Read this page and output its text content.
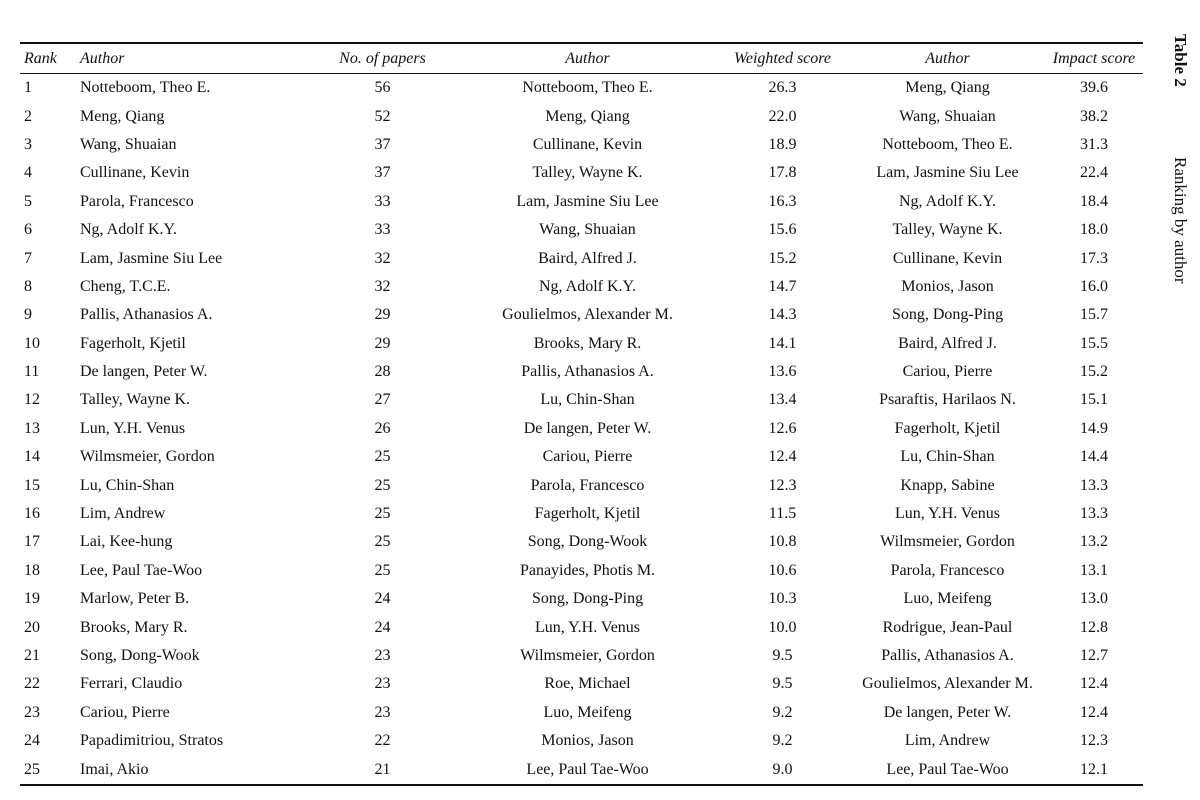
Rank	Author	No. of papers	Author	Weighted score	Author	Impact score
1	Notteboom, Theo E.	56	Notteboom, Theo E.	26.3	Meng, Qiang	39.6
2	Meng, Qiang	52	Meng, Qiang	22.0	Wang, Shuaian	38.2
3	Wang, Shuaian	37	Cullinane, Kevin	18.9	Notteboom, Theo E.	31.3
4	Cullinane, Kevin	37	Talley, Wayne K.	17.8	Lam, Jasmine Siu Lee	22.4
5	Parola, Francesco	33	Lam, Jasmine Siu Lee	16.3	Ng, Adolf K.Y.	18.4
6	Ng, Adolf K.Y.	33	Wang, Shuaian	15.6	Talley, Wayne K.	18.0
7	Lam, Jasmine Siu Lee	32	Baird, Alfred J.	15.2	Cullinane, Kevin	17.3
8	Cheng, T.C.E.	32	Ng, Adolf K.Y.	14.7	Monios, Jason	16.0
9	Pallis, Athanasios A.	29	Goulielmos, Alexander M.	14.3	Song, Dong-Ping	15.7
10	Fagerholt, Kjetil	29	Brooks, Mary R.	14.1	Baird, Alfred J.	15.5
11	De langen, Peter W.	28	Pallis, Athanasios A.	13.6	Cariou, Pierre	15.2
12	Talley, Wayne K.	27	Lu, Chin-Shan	13.4	Psaraftis, Harilaos N.	15.1
13	Lun, Y.H. Venus	26	De langen, Peter W.	12.6	Fagerholt, Kjetil	14.9
14	Wilmsmeier, Gordon	25	Cariou, Pierre	12.4	Lu, Chin-Shan	14.4
15	Lu, Chin-Shan	25	Parola, Francesco	12.3	Knapp, Sabine	13.3
16	Lim, Andrew	25	Fagerholt, Kjetil	11.5	Lun, Y.H. Venus	13.3
17	Lai, Kee-hung	25	Song, Dong-Wook	10.8	Wilmsmeier, Gordon	13.2
18	Lee, Paul Tae-Woo	25	Panayides, Photis M.	10.6	Parola, Francesco	13.1
19	Marlow, Peter B.	24	Song, Dong-Ping	10.3	Luo, Meifeng	13.0
20	Brooks, Mary R.	24	Lun, Y.H. Venus	10.0	Rodrigue, Jean-Paul	12.8
21	Song, Dong-Wook	23	Wilmsmeier, Gordon	9.5	Pallis, Athanasios A.	12.7
22	Ferrari, Claudio	23	Roe, Michael	9.5	Goulielmos, Alexander M.	12.4
23	Cariou, Pierre	23	Luo, Meifeng	9.2	De langen, Peter W.	12.4
24	Papadimitriou, Stratos	22	Monios, Jason	9.2	Lim, Andrew	12.3
25	Imai, Akio	21	Lee, Paul Tae-Woo	9.0	Lee, Paul Tae-Woo	12.1
Table 2Ranking by author
